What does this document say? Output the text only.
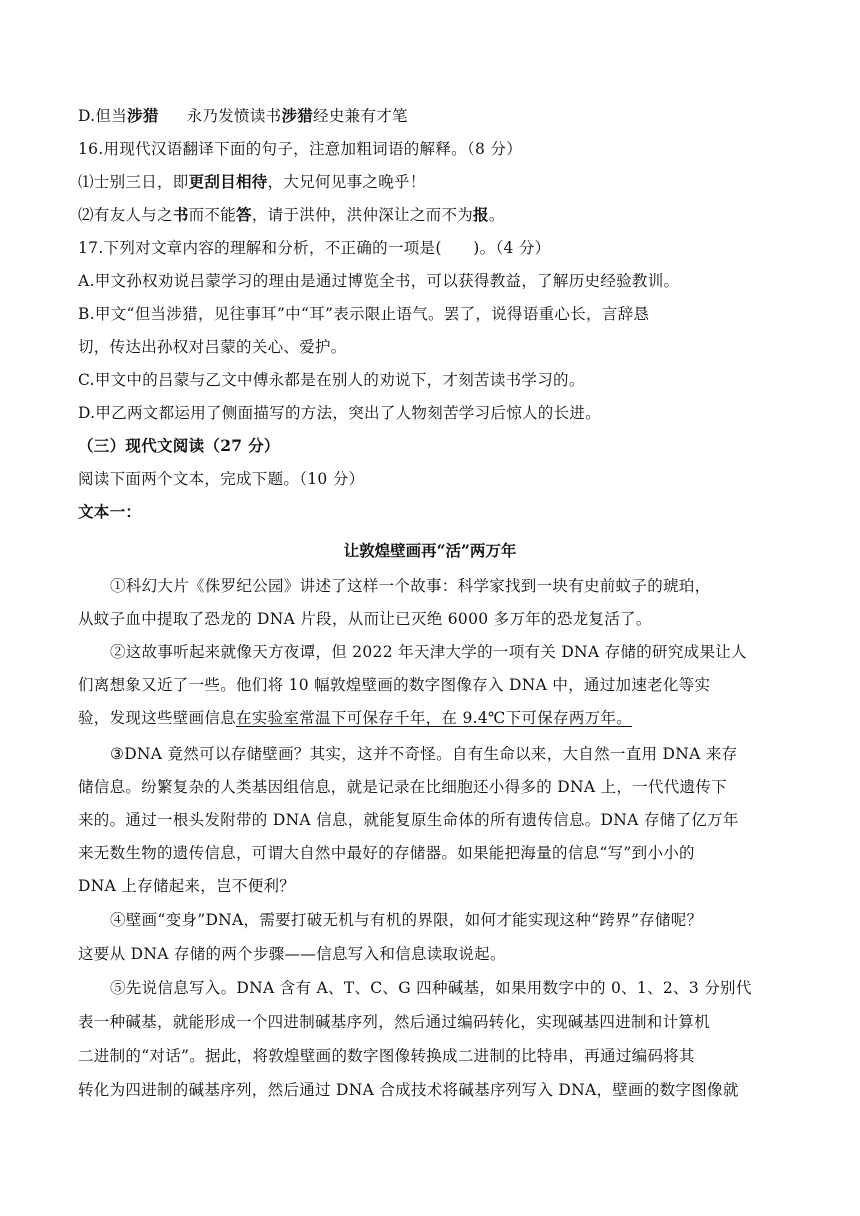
D.但当涉猎 永乃发愤读书涉猎经史兼有才笔
16.用现代汉语翻译下面的句子，注意加粗词语的解释。（8 分）
⑴士别三日，即更刮目相待，大兄何见事之晚乎！
⑵有友人与之书而不能答，请于洪仲，洪仲深让之而不为报。
17.下列对文章内容的理解和分析，不正确的一项是(　　)。（4 分）
A.甲文孙权劝说吕蒙学习的理由是通过博览全书，可以获得教益，了解历史经验教训。
B.甲文“但当涉猎，见往事耳”中“耳”表示限止语气。罢了，说得语重心长，言辞恳
切，传达出孙权对吕蒙的关心、爱护。
C.甲文中的吕蒙与乙文中傅永都是在别人的劝说下，才刻苦读书学习的。
D.甲乙两文都运用了侧面描写的方法，突出了人物刻苦学习后惊人的长进。
（三）现代文阅读（27 分）
阅读下面两个文本，完成下题。（10 分）
文本一：
让敦煌壁画再“活”两万年
①科幻大片《侏罗纪公园》讲述了这样一个故事：科学家找到一块有史前蚊子的琥珀，
从蚊子血中提取了恐龙的 DNA 片段，从而让已灭绝 6000 多万年的恐龙复活了。
②这故事听起来就像天方夜谭，但 2022 年天津大学的一项有关 DNA 存储的研究成果让人
们离想象又近了一些。他们将 10 幅敦煌壁画的数字图像存入 DNA 中，通过加速老化等实
验，发现这些壁画信息在实验室常温下可保存千年，在 9.4℃下可保存两万年。
③DNA 竟然可以存储壁画？其实，这并不奇怪。自有生命以来，大自然一直用 DNA 来存
储信息。纷繁复杂的人类基因组信息，就是记录在比细胞还小得多的 DNA 上，一代代遗传下
来的。通过一根头发附带的 DNA 信息，就能复原生命体的所有遗传信息。DNA 存储了亿万年
来无数生物的遗传信息，可谓大自然中最好的存储器。如果能把海量的信息“写”到小小的
DNA 上存储起来，岂不便利？
④壁画“变身”DNA，需要打破无机与有机的界限，如何才能实现这种“跨界”存储呢？
这要从 DNA 存储的两个步骤——信息写入和信息读取说起。
⑤先说信息写入。DNA 含有 A、T、C、G 四种碱基，如果用数字中的 0、1、2、3 分别代
表一种碱基，就能形成一个四进制碱基序列，然后通过编码转化，实现碱基四进制和计算机
二进制的“对话”。据此，将敦煌壁画的数字图像转换成二进制的比特串，再通过编码将其
转化为四进制的碱基序列，然后通过 DNA 合成技术将碱基序列写入 DNA，壁画的数字图像就
